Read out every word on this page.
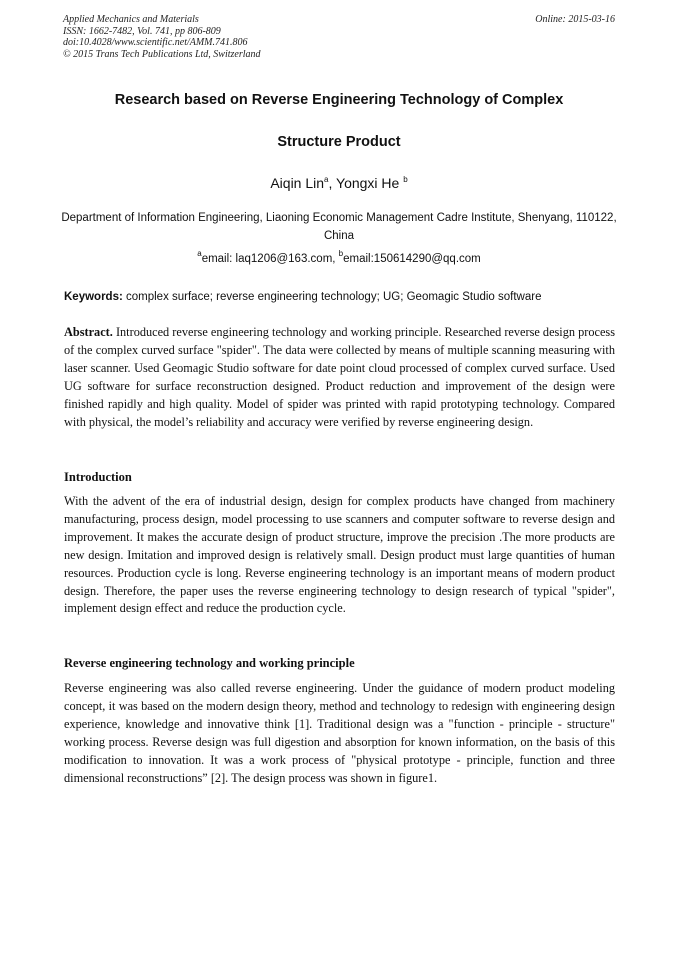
Applied Mechanics and Materials
ISSN: 1662-7482, Vol. 741, pp 806-809
doi:10.4028/www.scientific.net/AMM.741.806
© 2015 Trans Tech Publications Ltd, Switzerland
Online: 2015-03-16
Research based on Reverse Engineering Technology of Complex
Structure Product
Aiqin Lin$^a$, Yongxi He $^b$
Department of Information Engineering, Liaoning Economic Management Cadre Institute, Shenyang, 110122, China
$^a$email: laq1206@163.com, $^b$email:150614290@qq.com
Keywords: complex surface; reverse engineering technology; UG; Geomagic Studio software
Abstract. Introduced reverse engineering technology and working principle. Researched reverse design process of the complex curved surface "spider". The data were collected by means of multiple scanning measuring with laser scanner. Used Geomagic Studio software for date point cloud processed of complex curved surface. Used UG software for surface reconstruction designed. Product reduction and improvement of the design were finished rapidly and high quality. Model of spider was printed with rapid prototyping technology. Compared with physical, the model’s reliability and accuracy were verified by reverse engineering design.
Introduction
With the advent of the era of industrial design, design for complex products have changed from machinery manufacturing, process design, model processing to use scanners and computer software to reverse design and improvement. It makes the accurate design of product structure, improve the precision .The more products are new design. Imitation and improved design is relatively small. Design product must large quantities of human resources. Production cycle is long. Reverse engineering technology is an important means of modern product design. Therefore, the paper uses the reverse engineering technology to design research of typical "spider", implement design effect and reduce the production cycle.
Reverse engineering technology and working principle
Reverse engineering was also called reverse engineering. Under the guidance of modern product modeling concept, it was based on the modern design theory, method and technology to redesign with engineering design experience, knowledge and innovative think [1]. Traditional design was a "function - principle - structure" working process. Reverse design was full digestion and absorption for known information, on the basis of this modification to innovation. It was a work process of "physical prototype - principle, function and three dimensional reconstructions” [2]. The design process was shown in figure1.
